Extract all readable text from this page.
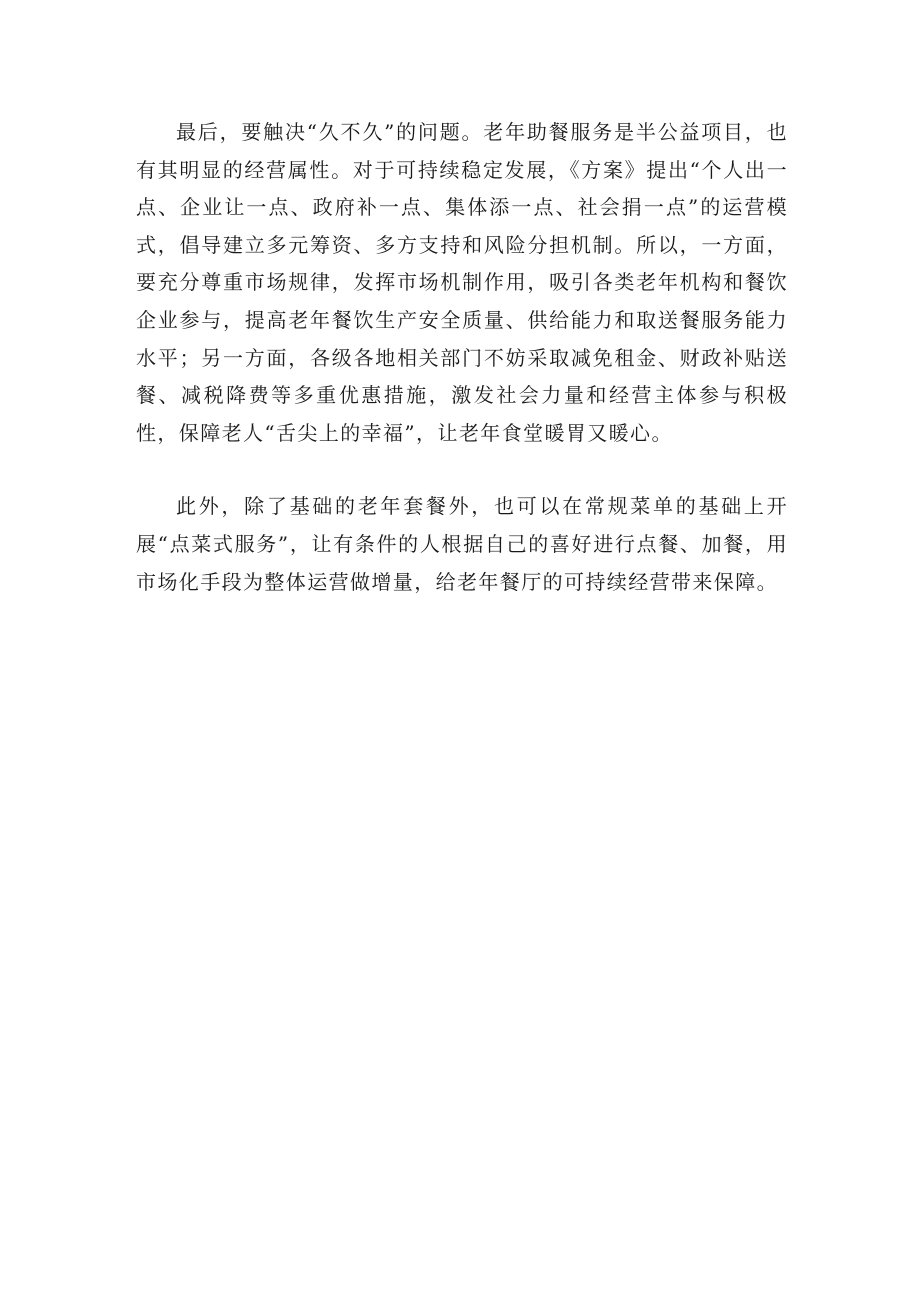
最后，要触决“久不久”的问题。老年助餐服务是半公益项目，也有其明显的经营属性。对于可持续稳定发展，《方案》提出“个人出一点、企业让一点、政府补一点、集体添一点、社会捐一点”的运营模式，倡导建立多元筹资、多方支持和风险分担机制。所以，一方面，要充分尊重市场规律，发挥市场机制作用，吸引各类老年机构和餐饮企业参与，提高老年餐饮生产安全质量、供给能力和取送餐服务能力水平；另一方面，各级各地相关部门不妨采取减免租金、财政补贴送餐、减税降费等多重优惠措施，激发社会力量和经营主体参与积极性，保障老人“舌尖上的幸福”，让老年食堂暖胃又暖心。

此外，除了基础的老年套餐外，也可以在常规菜单的基础上开展“点菜式服务”，让有条件的人根据自己的喜好进行点餐、加餐，用市场化手段为整体运营做增量，给老年餐厅的可持续经营带来保障。
